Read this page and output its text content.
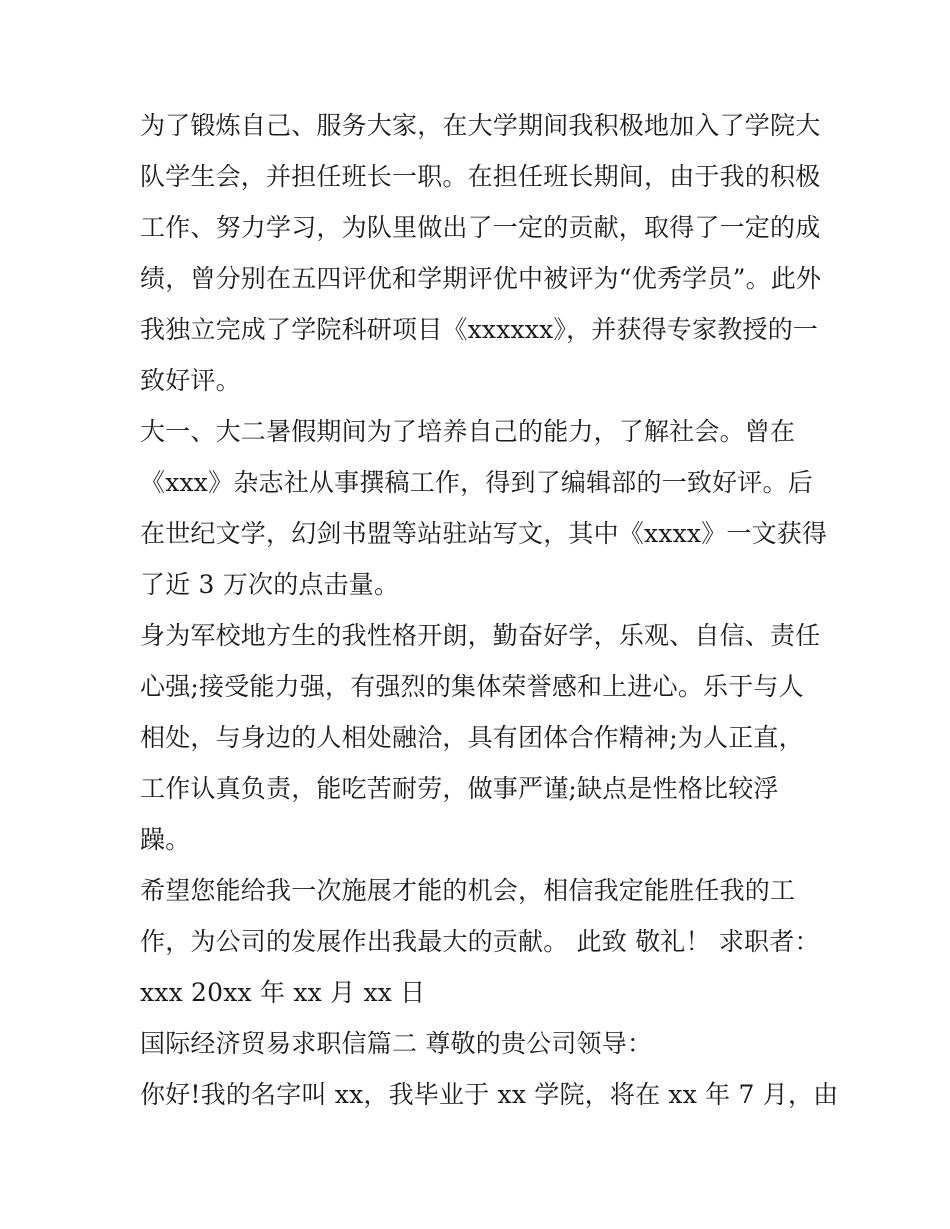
为了锻炼自己、服务大家，在大学期间我积极地加入了学院大
队学生会，并担任班长一职。在担任班长期间，由于我的积极
工作、努力学习，为队里做出了一定的贡献，取得了一定的成
绩，曾分别在五四评优和学期评优中被评为“优秀学员”。此外
我独立完成了学院科研项目《xxxxxx》，并获得专家教授的一
致好评。

大一、大二暑假期间为了培养自己的能力，了解社会。曾在
《xxx》杂志社从事撰稿工作，得到了编辑部的一致好评。后
在世纪文学，幻剑书盟等站驻站写文，其中《xxxx》一文获得
了近 3 万次的点击量。

身为军校地方生的我性格开朗，勤奋好学，乐观、自信、责任
心强;接受能力强，有强烈的集体荣誉感和上进心。乐于与人
相处，与身边的人相处融洽，具有团体合作精神;为人正直，
工作认真负责，能吃苦耐劳，做事严谨;缺点是性格比较浮
躁。

希望您能给我一次施展才能的机会，相信我定能胜任我的工
作，为公司的发展作出我最大的贡献。 此致 敬礼！ 求职者：
xxx 20xx 年 xx 月 xx 日

国际经济贸易求职信篇二 尊敬的贵公司领导：

你好!我的名字叫 xx，我毕业于 xx 学院，将在 xx 年 7 月，由
